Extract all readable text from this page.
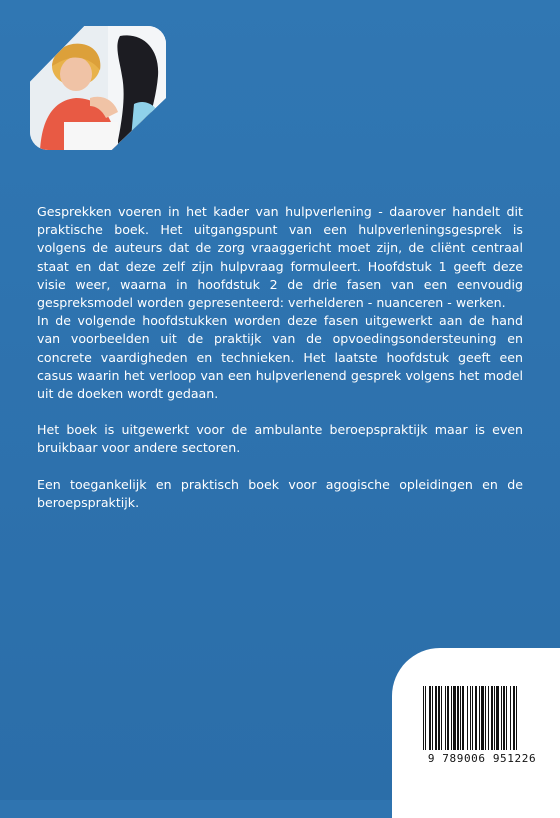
Gesprekken voeren in het kader van hulpverlening - daarover handelt dit praktische boek. Het uitgangspunt van een hulpverleningsgesprek is volgens de auteurs dat de zorg vraaggericht moet zijn, de cliënt centraal staat en dat deze zelf zijn hulpvraag formuleert. Hoofdstuk 1 geeft deze visie weer, waarna in hoofdstuk 2 de drie fasen van een eenvoudig gespreksmodel worden gepresenteerd: verhelderen - nuanceren - werken.

In de volgende hoofdstukken worden deze fasen uitgewerkt aan de hand van voorbeelden uit de praktijk van de opvoedingsondersteuning en concrete vaardigheden en technieken. Het laatste hoofdstuk geeft een casus waarin het verloop van een hulpverlenend gesprek volgens het model uit de doeken wordt gedaan.

Het boek is uitgewerkt voor de ambulante beroepspraktijk maar is even bruikbaar voor andere sectoren.

Een toegankelijk en praktisch boek voor agogische opleidingen en de beroepspraktijk.

9 789006 951226
